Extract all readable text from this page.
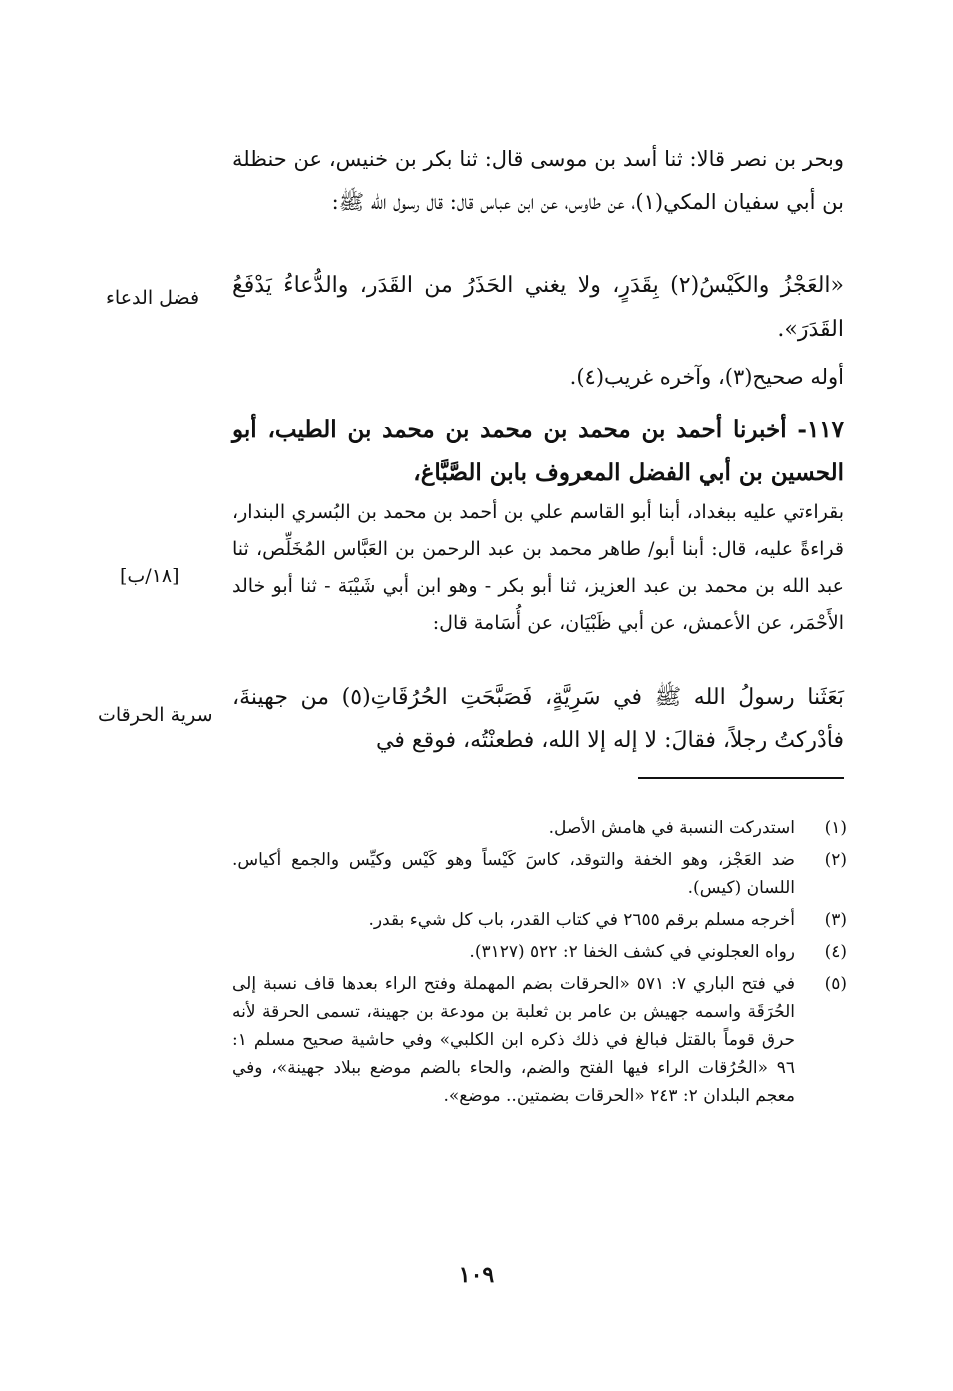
وبحر بن نصر قالا: ثنا أسد بن موسى قال: ثنا بكر بن خنيس، عن حنظلة بن أبي سفيان المكي(١)، عن طاوس، عن ابن عباس قال: قال رسول الله ﷺ:

«العَجْزُ والكَيْسُ(٢) بِقَدَرٍ، ولا يغني الحَذَرُ من القَدَر، والدُّعاءُ يَدْفَعُ القَدَرَ».

أوله صحيح(٣)، وآخره غريب(٤).

١١٧- أخبرنا أحمد بن محمد بن محمد بن محمد بن الطيب، أبو الحسين بن أبي الفضل المعروف بابن الصَّبَّاغ،

بقراءتي عليه ببغداد، أبنا أبو القاسم علي بن أحمد بن محمد بن البُسري البندار، قراءةً عليه، قال: أبنا أبو/ طاهر محمد بن عبد الرحمن بن العَبَّاس المُخَلِّص، ثنا عبد الله بن محمد بن عبد العزيز، ثنا أبو بكر - وهو ابن أبي شَيْبَة - ثنا أبو خالد الأَحْمَر، عن الأعمش، عن أبي ظَبْيَان، عن أُسَامة قال:

بَعَثَنا رسولُ الله ﷺ في سَرِيَّةٍ، فَصَبَّحَتِ الحُرُقَاتِ(٥) من جهينةَ، فأدْركتُ رجلاً، فقالَ: لا إله إلا الله، فطعنْتُه، فوقع في

فضل الدعاء
[١٨/ب]
سرية الحرقات
(١)
استدركت النسبة في هامش الأصل.
(٢)
ضد العَجْز، وهو الخفة والتوقد، كاسَ كَيْساً وهو كَيْس وكيِّس والجمع أكياس. اللسان (كيس).
(٣)
أخرجه مسلم برقم ٢٦٥٥ في كتاب القدر، باب كل شيء بقدر.
(٤)
رواه العجلوني في كشف الخفا ٢: ٥٢٢ (٣١٢٧).
(٥)
في فتح الباري ٧: ٥٧١ «الحرقات بضم المهملة وفتح الراء بعدها قاف نسبة إلى الحُرَقَة واسمه جهيش بن عامر بن ثعلبة بن مودعة بن جهينة، تسمى الحرقة لأنه حرق قوماً بالقتل فبالغ في ذلك ذكره ابن الكلبي» وفي حاشية صحيح مسلم ١: ٩٦ «الحُرُقات الراء فيها الفتح والضم، والحاء بالضم موضع ببلاد جهينة»، وفي معجم البلدان ٢: ٢٤٣ «الحرقات بضمتين.. موضع».
١٠٩
